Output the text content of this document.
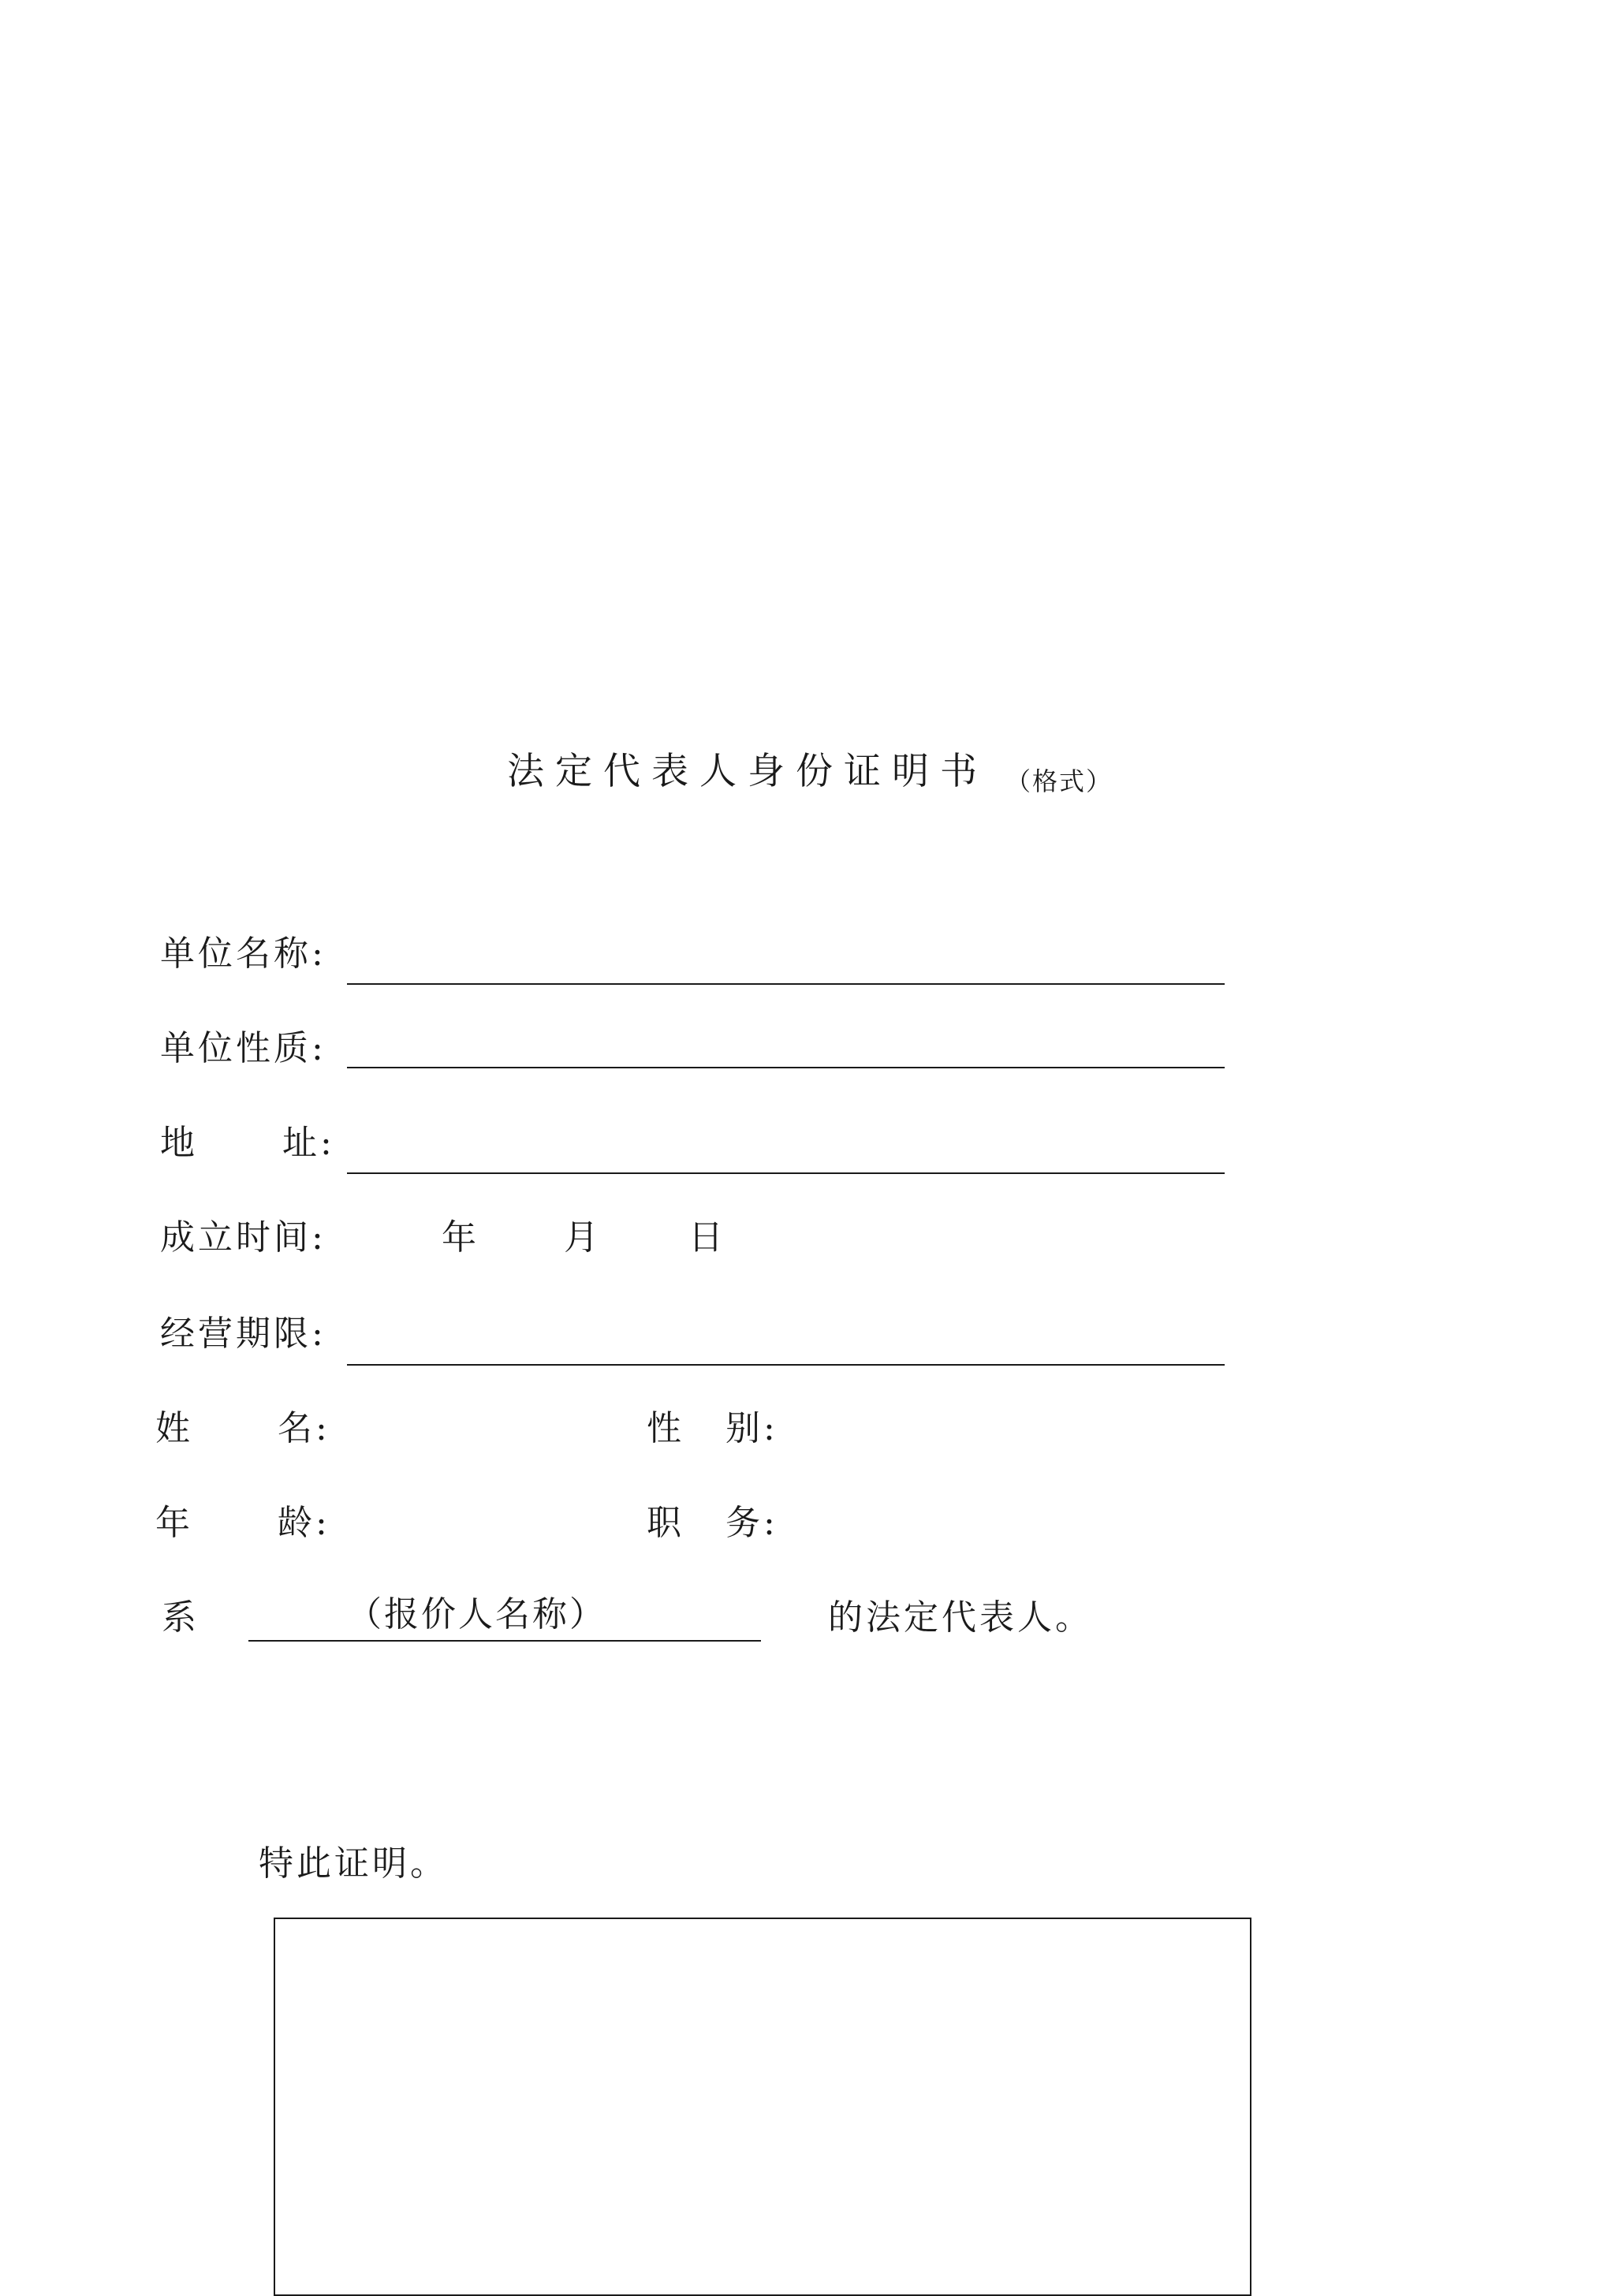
法定代表人身份证明书 （格式）
单位名称:
单位性质:
地 址:
成立时间:	年	月	日
经营期限:
姓 名:	性 别:
年 龄:	职 务:
系	（报价人名称）	的法定代表人。
特此证明。
